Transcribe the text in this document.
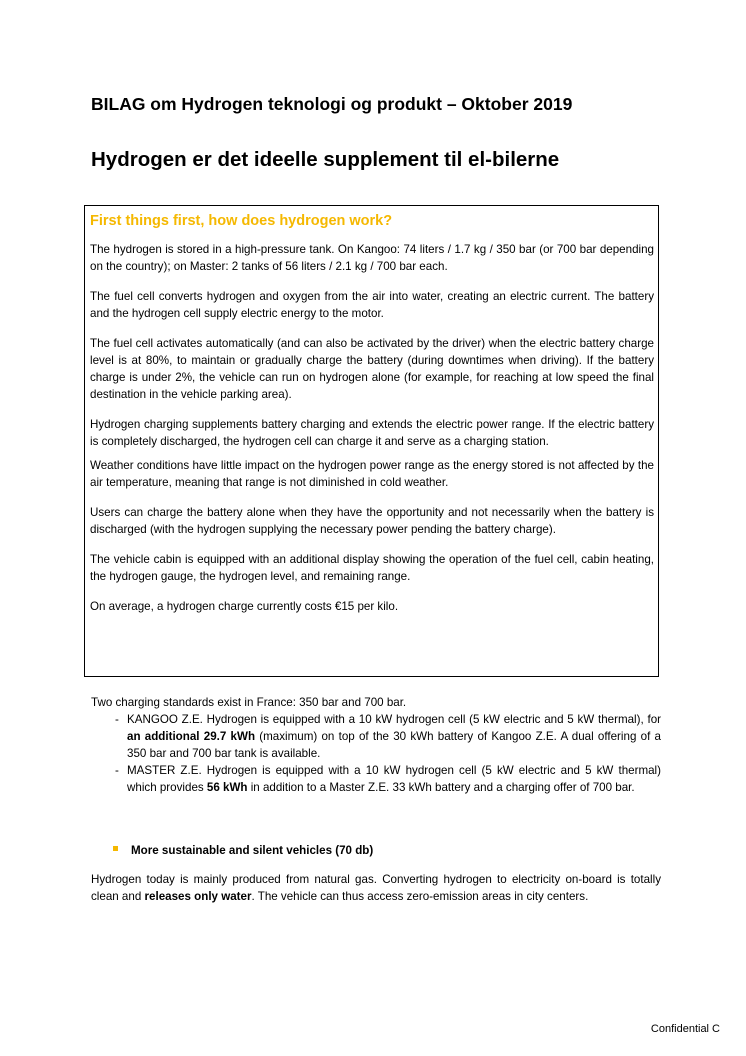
BILAG om Hydrogen teknologi og produkt – Oktober 2019
Hydrogen er det ideelle supplement til el-bilerne
First things first, how does hydrogen work?

The hydrogen is stored in a high-pressure tank. On Kangoo: 74 liters / 1.7 kg / 350 bar (or 700 bar depending on the country); on Master: 2 tanks of 56 liters / 2.1 kg / 700 bar each.

The fuel cell converts hydrogen and oxygen from the air into water, creating an electric current. The battery and the hydrogen cell supply electric energy to the motor.

The fuel cell activates automatically (and can also be activated by the driver) when the electric battery charge level is at 80%, to maintain or gradually charge the battery (during downtimes when driving). If the battery charge is under 2%, the vehicle can run on hydrogen alone (for example, for reaching at low speed the final destination in the vehicle parking area).

Hydrogen charging supplements battery charging and extends the electric power range. If the electric battery is completely discharged, the hydrogen cell can charge it and serve as a charging station.

Weather conditions have little impact on the hydrogen power range as the energy stored is not affected by the air temperature, meaning that range is not diminished in cold weather.

Users can charge the battery alone when they have the opportunity and not necessarily when the battery is discharged (with the hydrogen supplying the necessary power pending the battery charge).

The vehicle cabin is equipped with an additional display showing the operation of the fuel cell, cabin heating, the hydrogen gauge, the hydrogen level, and remaining range.

On average, a hydrogen charge currently costs €15 per kilo.

Two charging standards exist in France: 350 bar and 700 bar.

- KANGOO Z.E. Hydrogen is equipped with a 10 kW hydrogen cell (5 kW electric and 5 kW thermal), for an additional 29.7 kWh (maximum) on top of the 30 kWh battery of Kangoo Z.E. A dual offering of a 350 bar and 700 bar tank is available.

- MASTER Z.E. Hydrogen is equipped with a 10 kW hydrogen cell (5 kW electric and 5 kW thermal) which provides 56 kWh in addition to a Master Z.E. 33 kWh battery and a charging offer of 700 bar.

More sustainable and silent vehicles (70 db)

Hydrogen today is mainly produced from natural gas. Converting hydrogen to electricity on-board is totally clean and releases only water. The vehicle can thus access zero-emission areas in city centers.

Confidential C
